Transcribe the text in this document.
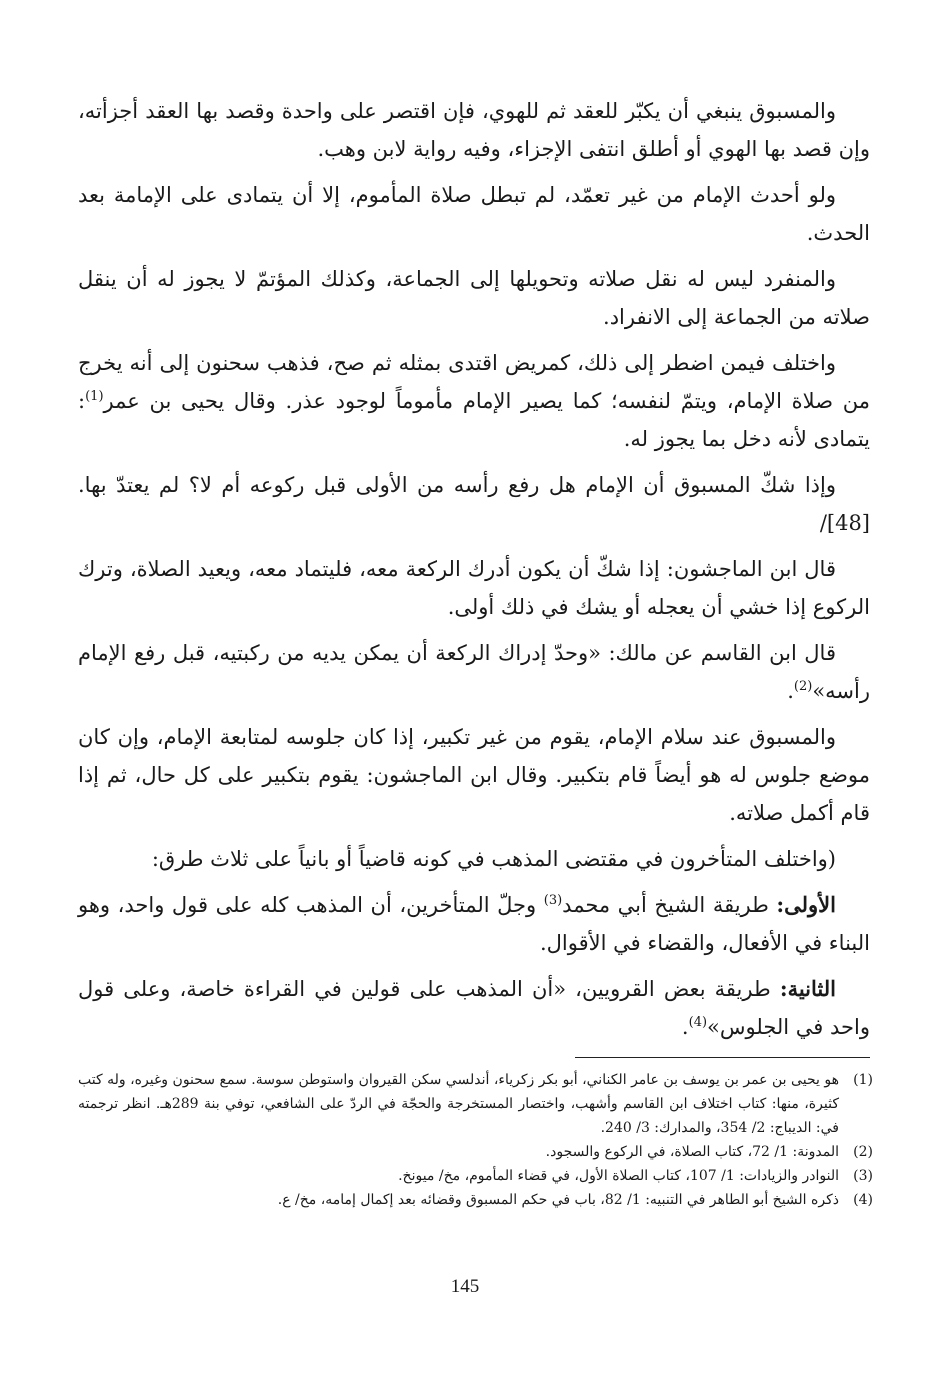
والمسبوق ينبغي أن يكبّر للعقد ثم للهوي، فإن اقتصر على واحدة وقصد بها العقد أجزأته، وإن قصد بها الهوي أو أطلق انتفى الإجزاء، وفيه رواية لابن وهب.

ولو أحدث الإمام من غير تعمّد، لم تبطل صلاة المأموم، إلا أن يتمادى على الإمامة بعد الحدث.

والمنفرد ليس له نقل صلاته وتحويلها إلى الجماعة، وكذلك المؤتمّ لا يجوز له أن ينقل صلاته من الجماعة إلى الانفراد.

واختلف فيمن اضطر إلى ذلك، كمريض اقتدى بمثله ثم صح، فذهب سحنون إلى أنه يخرج من صلاة الإمام، ويتمّ لنفسه؛ كما يصير الإمام مأموماً لوجود عذر. وقال يحيى بن عمر$^{(1)}$: يتمادى لأنه دخل بما يجوز له.

وإذا شكّ المسبوق أن الإمام هل رفع رأسه من الأولى قبل ركوعه أم لا؟ لم يعتدّ بها. /[48]

قال ابن الماجشون: إذا شكّ أن يكون أدرك الركعة معه، فليتماد معه، ويعيد الصلاة، وترك الركوع إذا خشي أن يعجله أو يشك في ذلك أولى.

قال ابن القاسم عن مالك: «وحدّ إدراك الركعة أن يمكن يديه من ركبتيه، قبل رفع الإمام رأسه»$^{(2)}$.

والمسبوق عند سلام الإمام، يقوم من غير تكبير، إذا كان جلوسه لمتابعة الإمام، وإن كان موضع جلوس له هو أيضاً قام بتكبير. وقال ابن الماجشون: يقوم بتكبير على كل حال، ثم إذا قام أكمل صلاته.

(واختلف المتأخرون في مقتضى المذهب في كونه قاضياً أو بانياً على ثلاث طرق:

الأولى: طريقة الشيخ أبي محمد$^{(3)}$ وجلّ المتأخرين، أن المذهب كله على قول واحد، وهو البناء في الأفعال، والقضاء في الأقوال.

الثانية: طريقة بعض القرويين، «أن المذهب على قولين في القراءة خاصة، وعلى قول واحد في الجلوس»$^{(4)}$.

(1)
هو يحيى بن عمر بن يوسف بن عامر الكناني، أبو بكر زكرياء، أندلسي سكن القيروان واستوطن سوسة. سمع سحنون وغيره، وله كتب كثيرة، منها: كتاب اختلاف ابن القاسم وأشهب، واختصار المستخرجة والحجّة في الردّ على الشافعي، توفي بنة 289هـ. انظر ترجمته في: الديباج: 2/ 354، والمدارك: 3/ 240.
(2)
المدونة: 1/ 72، كتاب الصلاة، في الركوع والسجود.
(3)
النوادر والزيادات: 1/ 107، كتاب الصلاة الأول، في قضاء المأموم، مخ/ ميونخ.
(4)
ذكره الشيخ أبو الطاهر في التنبيه: 1/ 82، باب في حكم المسبوق وقضائه بعد إكمال إمامه، مخ/ ع.
145
